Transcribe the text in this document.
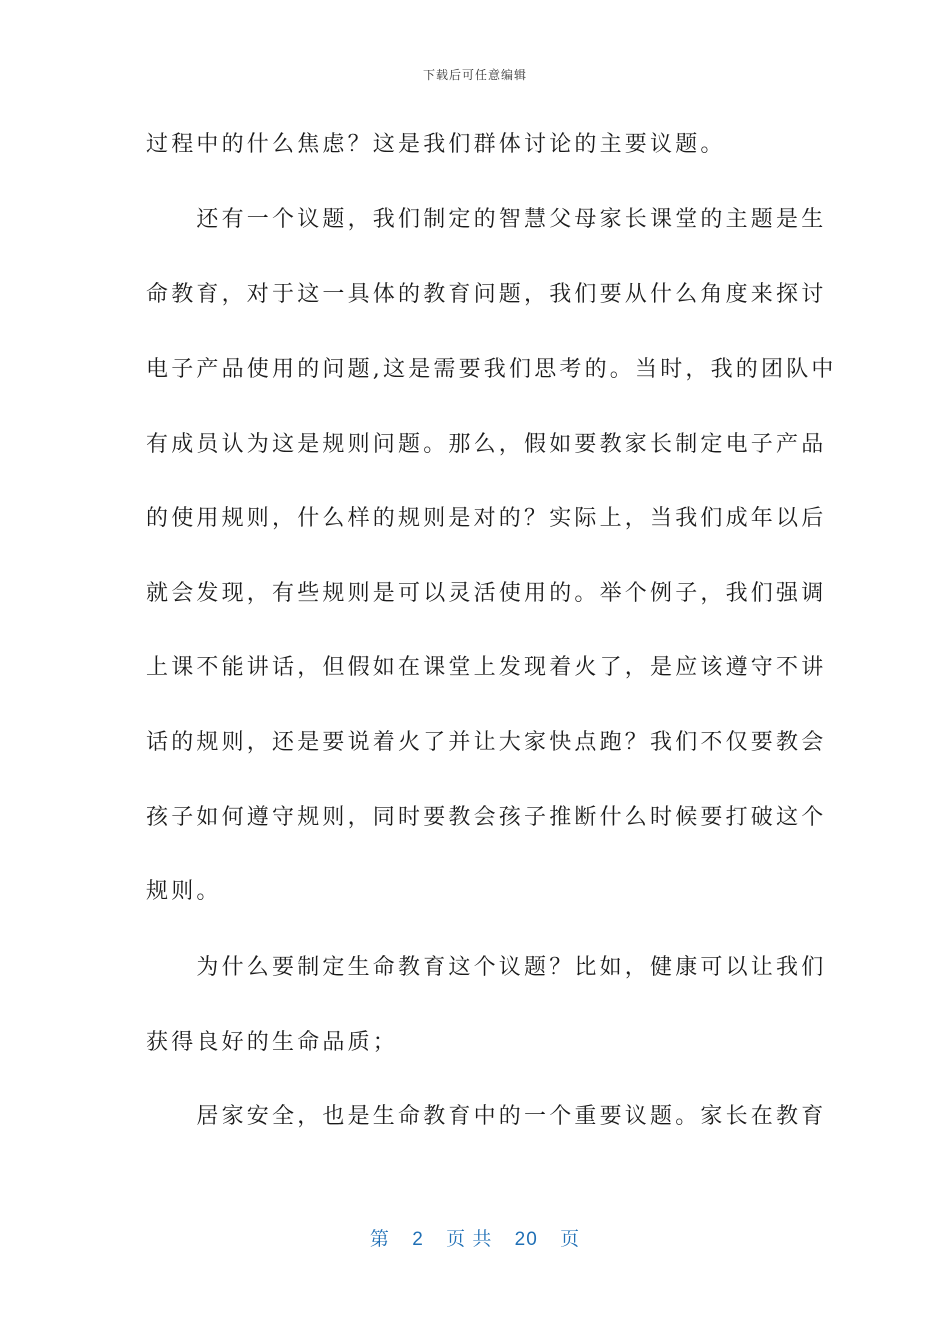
下载后可任意编辑
过程中的什么焦虑？这是我们群体讨论的主要议题。
　　还有一个议题，我们制定的智慧父母家长课堂的主题是生
命教育，对于这一具体的教育问题，我们要从什么角度来探讨
电子产品使用的问题,这是需要我们思考的。当时，我的团队中
有成员认为这是规则问题。那么，假如要教家长制定电子产品
的使用规则，什么样的规则是对的？实际上，当我们成年以后
就会发现，有些规则是可以灵活使用的。举个例子，我们强调
上课不能讲话，但假如在课堂上发现着火了，是应该遵守不讲
话的规则，还是要说着火了并让大家快点跑？我们不仅要教会
孩子如何遵守规则，同时要教会孩子推断什么时候要打破这个
规则。
　　为什么要制定生命教育这个议题？比如，健康可以让我们
获得良好的生命品质；
　　居家安全，也是生命教育中的一个重要议题。家长在教育
第 2 页 共 20 页
